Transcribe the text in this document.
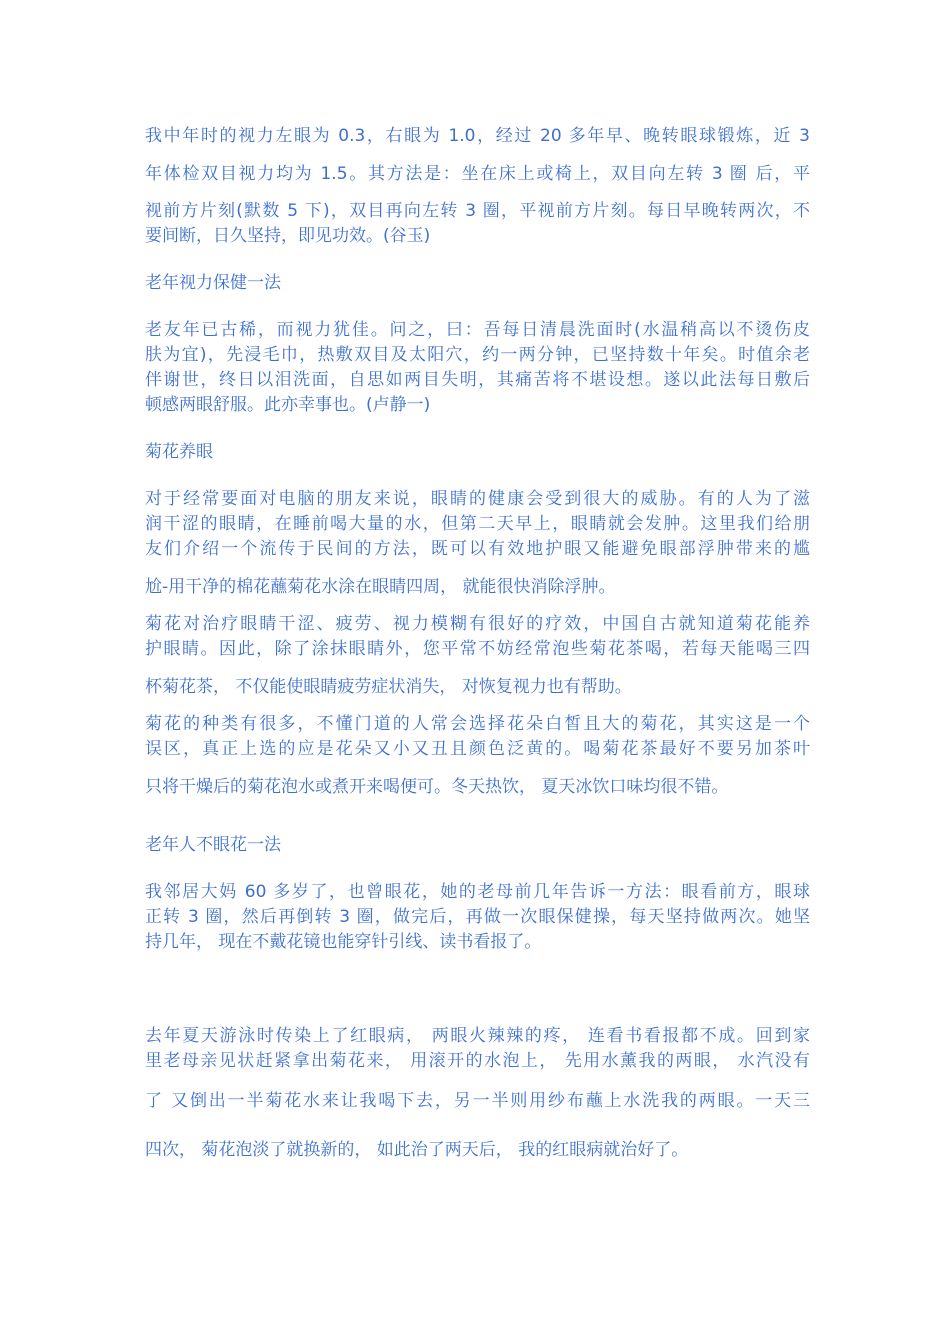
我中年时的视力左眼为 0.3，右眼为 1.0，经过 20 多年早、晚转眼球锻炼，近 3
年体检双目视力均为 1.5。其方法是：坐在床上或椅上，双目向左转 3 圈 后，平
视前方片刻(默数 5 下)，双目再向左转 3 圈，平视前方片刻。每日早晚转两次，不
要间断，日久坚持，即见功效。(谷玉)
老年视力保健一法
老友年已古稀，而视力犹佳。问之，曰：吾每日清晨洗面时(水温稍高以不烫伤皮
肤为宜)，先浸毛巾，热敷双目及太阳穴，约一两分钟，已坚持数十年矣。时值余老
伴谢世，终日以泪洗面，自思如两目失明，其痛苦将不堪设想。遂以此法每日敷后
顿感两眼舒服。此亦幸事也。(卢静一)
菊花养眼
对于经常要面对电脑的朋友来说，眼睛的健康会受到很大的威胁。有的人为了滋
润干涩的眼睛，在睡前喝大量的水，但第二天早上，眼睛就会发肿。这里我们给朋
友们介绍一个流传于民间的方法，既可以有效地护眼又能避免眼部浮肿带来的尴
尬-用干净的棉花蘸菊花水涂在眼睛四周， 就能很快消除浮肿。
菊花对治疗眼睛干涩、疲劳、视力模糊有很好的疗效，中国自古就知道菊花能养
护眼睛。因此，除了涂抹眼睛外，您平常不妨经常泡些菊花茶喝，若每天能喝三四
杯菊花茶， 不仅能使眼睛疲劳症状消失， 对恢复视力也有帮助。
菊花的种类有很多，不懂门道的人常会选择花朵白皙且大的菊花，其实这是一个
误区，真正上选的应是花朵又小又丑且颜色泛黄的。喝菊花茶最好不要另加茶叶
只将干燥后的菊花泡水或煮开来喝便可。冬天热饮， 夏天冰饮口味均很不错。
老年人不眼花一法
我邻居大妈 60 多岁了，也曾眼花，她的老母前几年告诉一方法：眼看前方，眼球
正转 3 圈，然后再倒转 3 圈，做完后，再做一次眼保健操，每天坚持做两次。她坚
持几年， 现在不戴花镜也能穿针引线、读书看报了。
去年夏天游泳时传染上了红眼病， 两眼火辣辣的疼， 连看书看报都不成。回到家
里老母亲见状赶紧拿出菊花来， 用滚开的水泡上， 先用水薰我的两眼， 水汽没有
了 又倒出一半菊花水来让我喝下去，另一半则用纱布蘸上水洗我的两眼。一天三
四次， 菊花泡淡了就换新的， 如此治了两天后， 我的红眼病就治好了。
